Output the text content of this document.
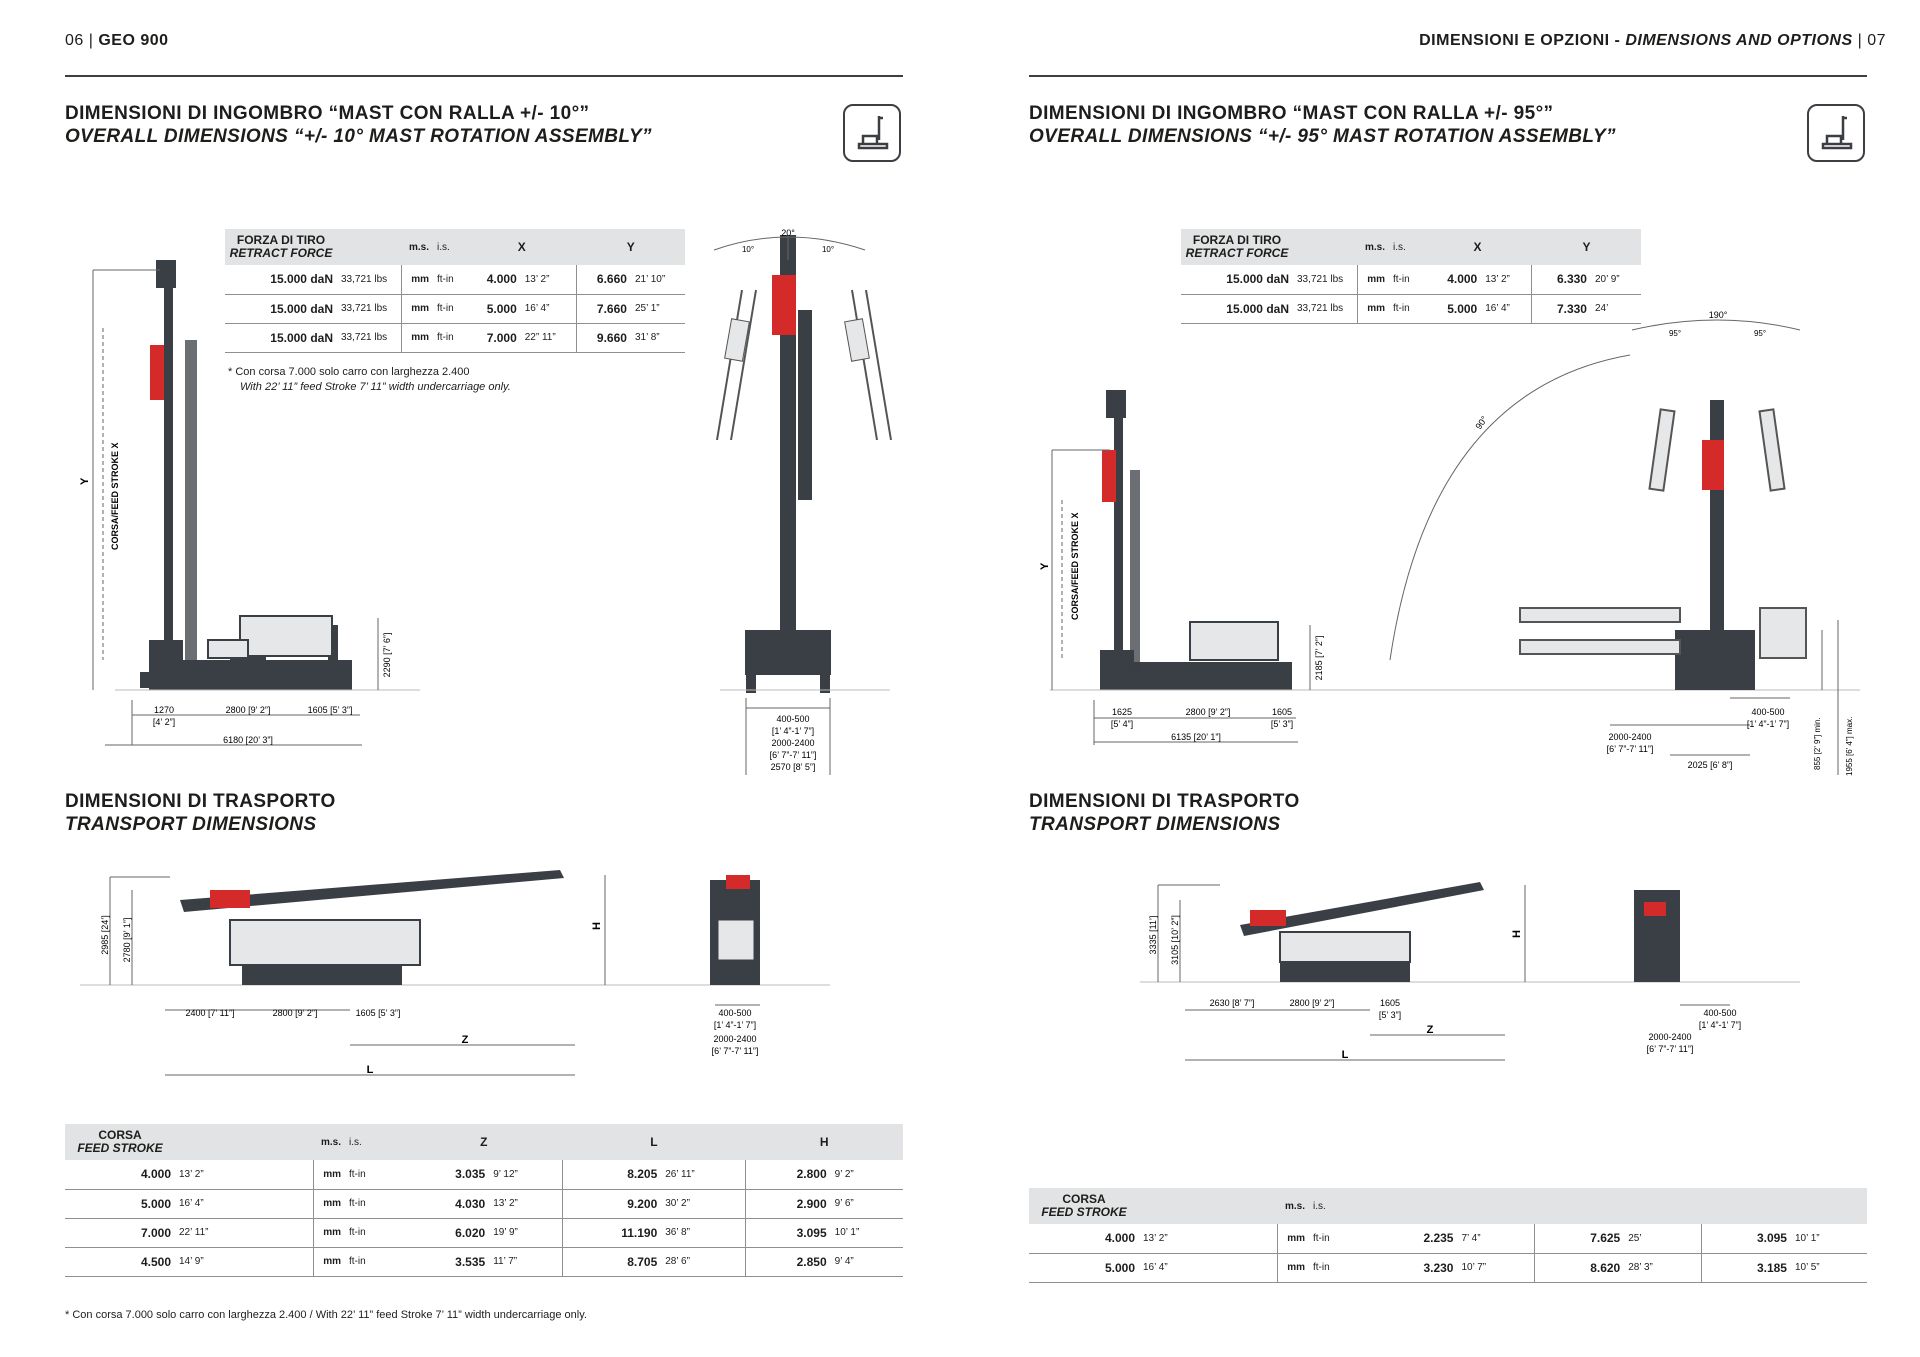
06 | GEO 900	DIMENSIONI E OPZIONI - DIMENSIONS AND OPTIONS | 07
DIMENSIONI DI INGOMBRO “MAST CON RALLA +/- 10°”
OVERALL DIMENSIONS “+/- 10° MAST ROTATION ASSEMBLY”
DIMENSIONI DI INGOMBRO “MAST CON RALLA +/- 95°”
OVERALL DIMENSIONS “+/- 95° MAST ROTATION ASSEMBLY”
FORZA DI TIRO
RETRACT FORCE		m.s.	i.s.	X		Y	
15.000 daN	33,721 lbs	mm	ft-in	4.000	13’ 2”	6.660	21’ 10”
15.000 daN	33,721 lbs	mm	ft-in	5.000	16’ 4”	7.660	25’ 1”
15.000 daN	33,721 lbs	mm	ft-in	7.000	22” 11”	9.660	31’ 8”
* Con corsa 7.000 solo carro con larghezza 2.400
With 22’ 11” feed Stroke 7’ 11” width undercarriage only.
FORZA DI TIRO
RETRACT FORCE		m.s.	i.s.	X		Y	
15.000 daN	33,721 lbs	mm	ft-in	4.000	13’ 2”	6.330	20’ 9”
15.000 daN	33,721 lbs	mm	ft-in	5.000	16’ 4”	7.330	24’
Y CORSA/FEED STROKE X
1270
[4’ 2”]
2800 [9’ 2”]	1605 [5’ 3”]
6180 [20’ 3”]
2290 [7’ 6”]
20°
10°	10°
400-500
[1’ 4”-1’ 7”]
2000-2400
[6’ 7”-7’ 11”]
2570 [8’ 5”]
Y CORSA/FEED STROKE X
1625
[5’ 4”]
2800 [9’ 2”]	1605
[5’ 3”]
6135 [20’ 1”]
2185 [7’ 2”]
90°
190°
95°	95°
400-500
[1’ 4”-1’ 7”]
2000-2400
[6’ 7”-7’ 11”]
2025 [6’ 8”]	855 [2’ 9”] min.	1955 [6’ 4”] max.
DIMENSIONI DI TRASPORTO
TRANSPORT DIMENSIONS
DIMENSIONI DI TRASPORTO
TRANSPORT DIMENSIONS
2985 [24’] 2780 [9’ 1”]	H
2400 [7’ 11”]	2800 [9’ 2”]	1605 [5’ 3”]
Z
L
400-500
[1’ 4”-1’ 7”]
2000-2400
[6’ 7”-7’ 11”]
3335 [11’] 3105 [10’ 2”]	H
2630 [8’ 7”]	2800 [9’ 2”]	1605
[5’ 3”]
Z
L
400-500
[1’ 4”-1’ 7”]
2000-2400
[6’ 7”-7’ 11”]
CORSA
FEED STROKE		m.s.	i.s.	Z		L		H	
4.000	13’ 2”	mm	ft-in	3.035	9’ 12”	8.205	26’ 11”	2.800	9’ 2”
5.000	16’ 4”	mm	ft-in	4.030	13’ 2”	9.200	30’ 2”	2.900	9’ 6”
7.000	22’ 11”	mm	ft-in	6.020	19’ 9”	11.190	36’ 8”	3.095	10’ 1”
4.500	14’ 9”	mm	ft-in	3.535	11’ 7”	8.705	28’ 6”	2.850	9’ 4”
* Con corsa 7.000 solo carro con larghezza 2.400 / With 22’ 11” feed Stroke 7’ 11” width undercarriage only.
CORSA
FEED STROKE		m.s.	i.s.						
4.000	13’ 2”	mm	ft-in	2.235	7’ 4”	7.625	25’	3.095	10’ 1”
5.000	16’ 4”	mm	ft-in	3.230	10’ 7”	8.620	28’ 3”	3.185	10’ 5”
